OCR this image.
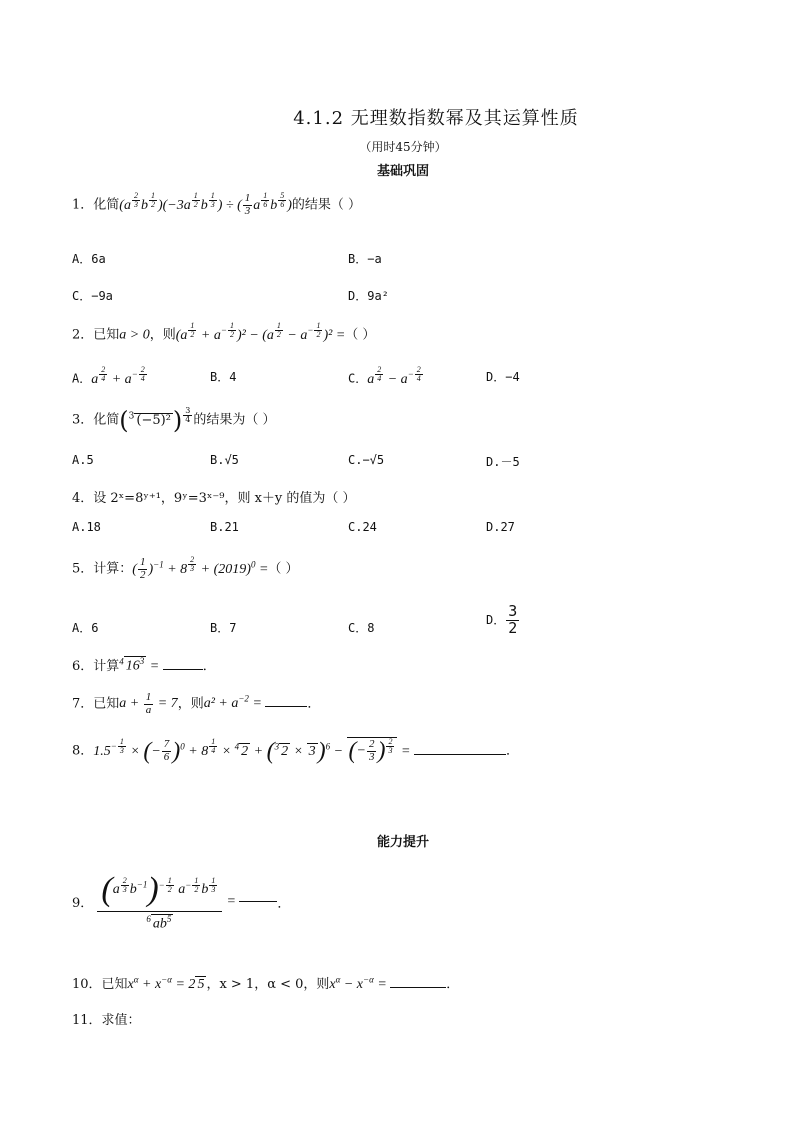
4.1.2 无理数指数幂及其运算性质
（用时45分钟）
基础巩固
1．化简(a $^{\frac{2}{3}}$ b $^{\frac{1}{2}}$ )(−3a $^{\frac{1}{2}}$ b $^{\frac{1}{3}}$ ) ÷ ( $\frac{1}{3}$ a $^{\frac{1}{6}}$ b $^{\frac{5}{6}}$ )的结果（ ）
A．6a	B．−a
C．−9a	D．9a²
2．已知a > 0，则(a $^{\frac{1}{2}} + a^{- \frac{1}{2}}$ )² − (a $^{\frac{1}{2}} - a^{- \frac{1}{2}}$ )² =（ ）
A．a $^{\frac{2}{4}} + a^{- \frac{2}{4}}$	B．4	C．a $^{\frac{2}{4}} - a^{- \frac{2}{4}}$	D．−4
3．化简($^3$ (−5)²) $^{\frac{3}{4}}$ 的结果为（ ）
A.5	B.√5	C.−√5	D.－5
4．设 2ˣ=8ʸ⁺¹，9ʸ=3ˣ⁻⁹，则 x＋y 的值为（ ）
A.18	B.21	C.24	D.27
5．计算：( $\frac{1}{2} )^{-1} + 8$ $^{\frac{2}{3}} + (2019)^0$ =（ ）
A．6	B．7	C．8
D． $\frac{3}{2}$
6．计算$^4$ $16^3$ =	．
7．已知$a + \frac{1}{a} = 7$，则$a^2 + a^{-2}$ =	．
8．$1.5^{- \frac{1}{3}}$ × (− $\frac{7}{6} )^0 + 8$ $^{\frac{1}{4}}$ × $^4$ 2 + ($^3$ 2 × 3)$^6$ − (− $\frac{2}{3}$ ) $^{\frac{2}{3}}$ =	．
能力提升
9． (a $^{\frac{2}{3}}$ $b^{-1})^{- \frac{1}{2}}$ $a^{- \frac{1}{2}}$ b $^{\frac{1}{3}}$
$^6$ $ab^5$ =	．
10．已知$x^\alpha + x^{-\alpha} = 2$ 5 ，x > 1，α < 0，则$x^\alpha - x^{-\alpha}$ =	．
11．求值：
